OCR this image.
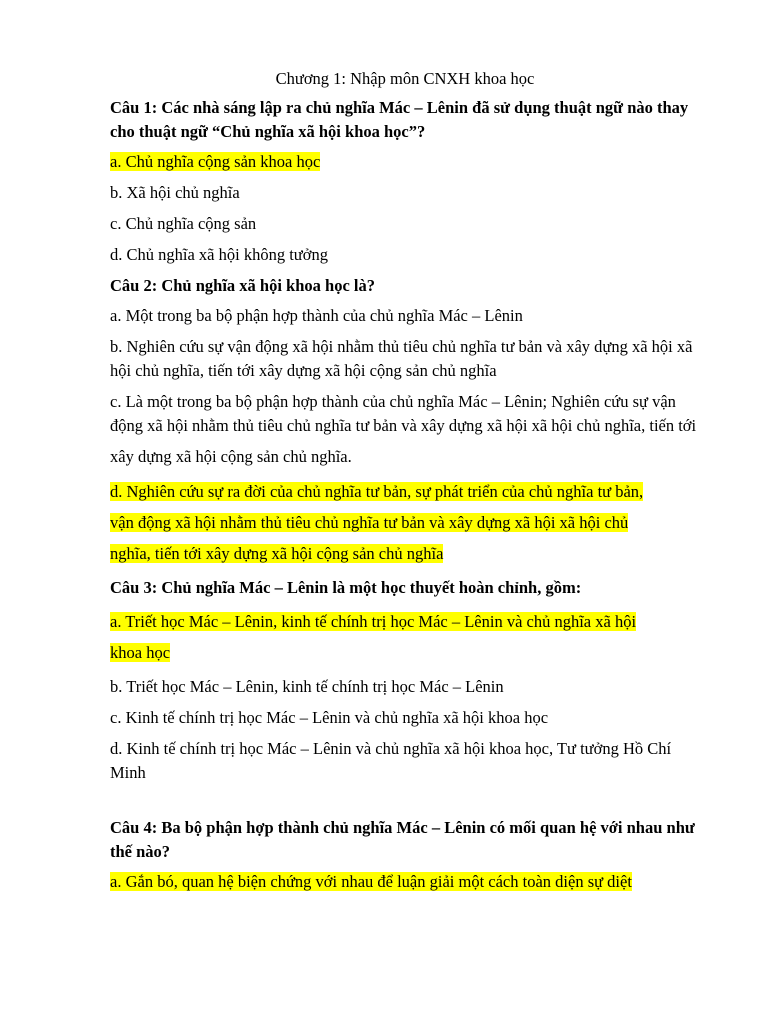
Chương 1: Nhập môn CNXH khoa học

Câu 1: Các nhà sáng lập ra chủ nghĩa Mác – Lênin đã sử dụng thuật ngữ nào thay cho thuật ngữ “Chủ nghĩa xã hội khoa học”?

a. Chủ nghĩa cộng sản khoa học

b. Xã hội chủ nghĩa

c. Chủ nghĩa cộng sản

d. Chủ nghĩa xã hội không tưởng

Câu 2: Chủ nghĩa xã hội khoa học là?

a. Một trong ba bộ phận hợp thành của chủ nghĩa Mác – Lênin

b. Nghiên cứu sự vận động xã hội nhằm thủ tiêu chủ nghĩa tư bản và xây dựng xã hội xã hội chủ nghĩa, tiến tới xây dựng xã hội cộng sản chủ nghĩa

c. Là một trong ba bộ phận hợp thành của chủ nghĩa Mác – Lênin; Nghiên cứu sự vận động xã hội nhằm thủ tiêu chủ nghĩa tư bản và xây dựng xã hội xã hội chủ nghĩa, tiến tới

xây dựng xã hội cộng sản chủ nghĩa.

d. Nghiên cứu sự ra đời của chủ nghĩa tư bản, sự phát triển của chủ nghĩa tư bản,

vận động xã hội nhằm thủ tiêu chủ nghĩa tư bản và xây dựng xã hội xã hội chủ

nghĩa, tiến tới xây dựng xã hội cộng sản chủ nghĩa

Câu 3: Chủ nghĩa Mác – Lênin là một học thuyết hoàn chỉnh, gồm:

a. Triết học Mác – Lênin, kinh tế chính trị học Mác – Lênin và chủ nghĩa xã hội

khoa học

b. Triết học Mác – Lênin, kinh tế chính trị học Mác – Lênin

c. Kinh tế chính trị học Mác – Lênin và chủ nghĩa xã hội khoa học

d. Kinh tế chính trị học Mác – Lênin và chủ nghĩa xã hội khoa học, Tư tưởng Hồ Chí Minh

Câu 4: Ba bộ phận hợp thành chủ nghĩa Mác – Lênin có mối quan hệ với nhau như thế nào?

a. Gắn bó, quan hệ biện chứng với nhau để luận giải một cách toàn diện sự diệt
